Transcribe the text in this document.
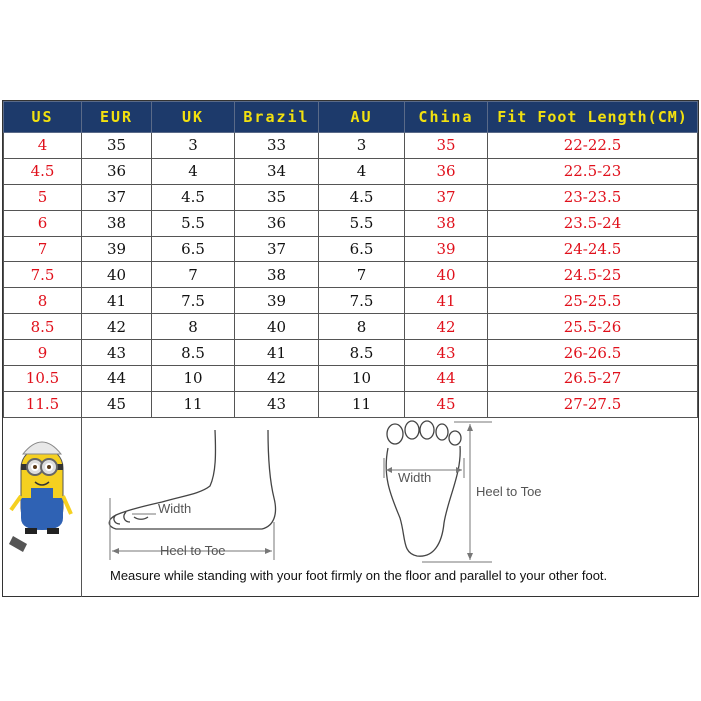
US	EUR	UK	Brazil	AU	China	Fit Foot Length(CM)
4	35	3	33	3	35	22-22.5
4.5	36	4	34	4	36	22.5-23
5	37	4.5	35	4.5	37	23-23.5
6	38	5.5	36	5.5	38	23.5-24
7	39	6.5	37	6.5	39	24-24.5
7.5	40	7	38	7	40	24.5-25
8	41	7.5	39	7.5	41	25-25.5
8.5	42	8	40	8	42	25.5-26
9	43	8.5	41	8.5	43	26-26.5
10.5	44	10	42	10	44	26.5-27
11.5	45	11	43	11	45	27-27.5
Width
Heel to Toe
Width
Heel to Toe
Measure while standing with your foot firmly on the floor and parallel to your other foot.
